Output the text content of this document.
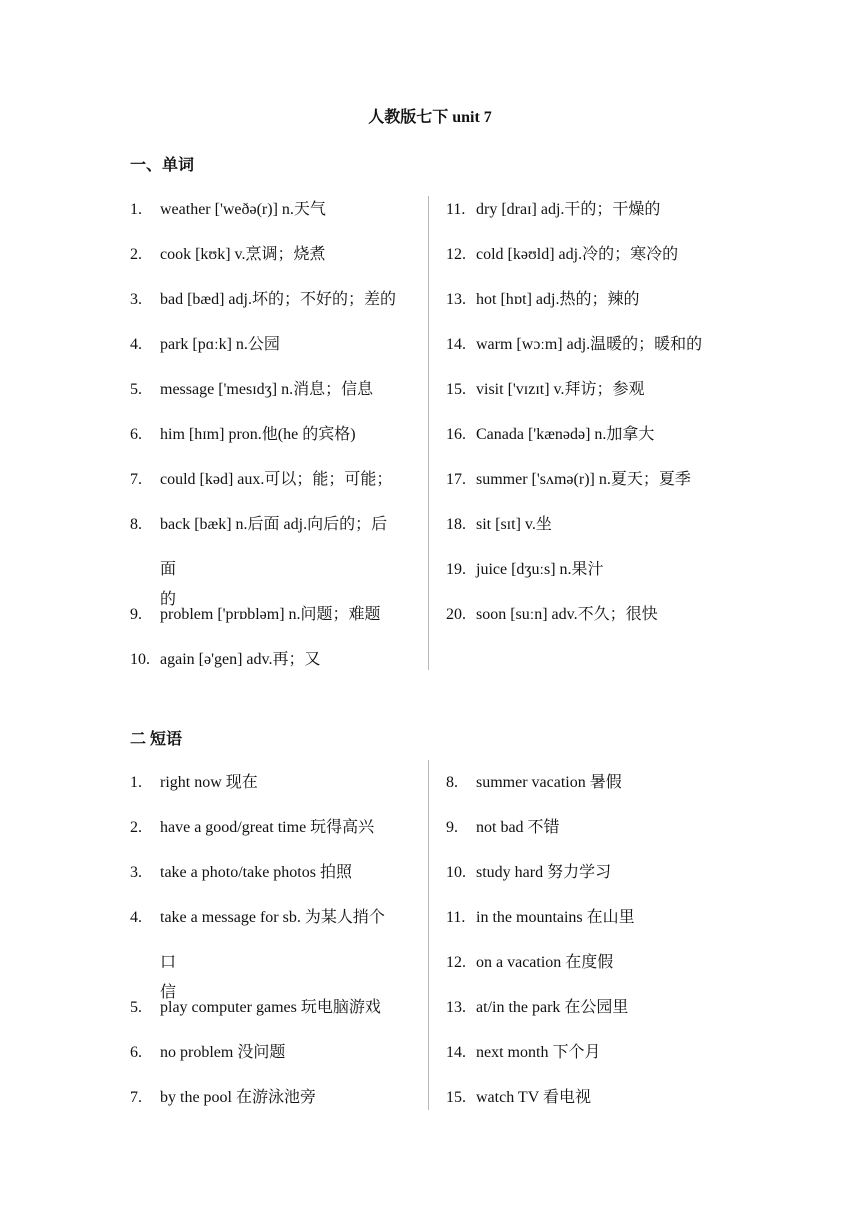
人教版七下 unit 7
一、单词
1. weather ['weðə(r)] n.天气
2. cook [kʊk] v.烹调；烧煮
3. bad [bæd] adj.坏的；不好的；差的
4. park [pɑːk] n.公园
5. message ['mesɪdʒ] n.消息；信息
6. him [hɪm] pron.他(he 的宾格)
7. could [kəd] aux.可以；能；可能；
8. back [bæk] n.后面 adj.向后的；后
面的
9. problem ['prɒbləm] n.问题；难题
10. again [ə'gen] adv.再；又
11. dry [draɪ] adj.干的；干燥的
12. cold [kəʊld] adj.冷的；寒冷的
13. hot [hɒt] adj.热的；辣的
14. warm [wɔːm] adj.温暖的；暖和的
15. visit ['vɪzɪt] v.拜访；参观
16. Canada ['kænədə] n.加拿大
17. summer ['sʌmə(r)] n.夏天；夏季
18. sit [sɪt] v.坐
19. juice [dʒuːs] n.果汁
20. soon [suːn] adv.不久；很快
二 短语
1. right now 现在
2. have a good/great time 玩得高兴
3. take a photo/take photos 拍照
4. take a message for sb. 为某人捎个
口信
5. play computer games 玩电脑游戏
6. no problem 没问题
7. by the pool 在游泳池旁
8. summer vacation 暑假
9. not bad 不错
10. study hard 努力学习
11. in the mountains 在山里
12. on a vacation 在度假
13. at/in the park 在公园里
14. next month 下个月
15. watch TV 看电视
